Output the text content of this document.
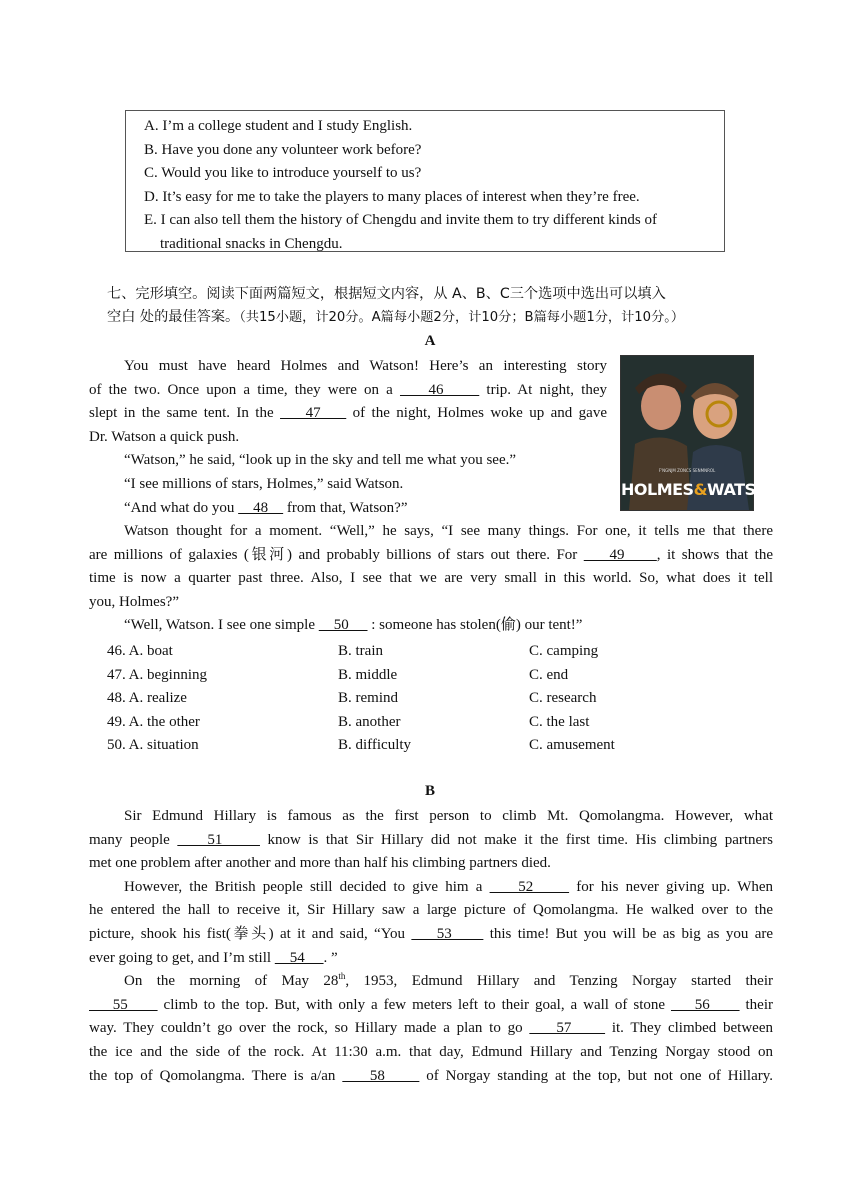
A. I’m a college student and I study English.
B. Have you done any volunteer work before?
C. Would you like to introduce yourself to us?
D. It’s easy for me to take the players to many places of interest when they’re free.
E. I can also tell them the history of Chengdu and invite them to try different kinds of
traditional snacks in Chengdu.
七、完形填空。阅读下面两篇短文，根据短文内容，从 A、B、C三个选项中选出可以填入
空白 处的最佳答案。（共15小题，计20分。A篇每小题2分，计10分；B篇每小题1分，计10分。）
A
You must have heard Holmes and Watson! Here’s an interesting story
of the two. Once upon a time, they were on a     46      trip. At night, they
slept in the same tent. In the     47     of the night, Holmes woke up and gave
Dr. Watson a quick push.
“Watson,” he said, “look up in the sky and tell me what you see.”
“I see millions of stars, Holmes,” said Watson.
“And what do you     48     from that, Watson?”
F'NGNJM ZONCS SENMNROL
HOLMES&WATSON
Watson thought for a moment. “Well,” he says, “I see many things. For one, it tells me that there
are millions of galaxies (银河) and probably billions of stars out there. For     49     , it shows that the
time is now a quarter past three. Also, I see that we are very small in this world. So, what does it tell
you, Holmes?”
“Well, Watson. I see one simple     50      : someone has stolen(偷) our tent!”
46. A. boat	B. train	C. camping
47. A. beginning	B. middle	C. end
48. A. realize	B. remind	C. research
49. A. the other	B. another	C. the last
50. A. situation	B. difficulty	C. amusement
B
Sir Edmund Hillary is famous as the first person to climb Mt. Qomolangma. However, what
many people     51      know is that Sir Hillary did not make it the first time. His climbing partners
met one problem after another and more than half his climbing partners died.
However, the British people still decided to give him a     52      for his never giving up. When
he entered the hall to receive it, Sir Hillary saw a large picture of Qomolangma. He walked over to the
picture, shook his fist(拳头) at it and said, “You     53      this time! But you will be as big as you are
ever going to get, and I’m still     54     . ”
On the morning of May 28th, 1953, Edmund Hillary and Tenzing Norgay started their
55      climb to the top. But, with only a few meters left to their goal, a wall of stone     56      their
way. They couldn’t go over the rock, so Hillary made a plan to go     57      it. They climbed between
the ice and the side of the rock. At 11:30 a.m. that day, Edmund Hillary and Tenzing Norgay stood on
the top of Qomolangma. There is a/an     58      of Norgay standing at the top, but not one of Hillary.
